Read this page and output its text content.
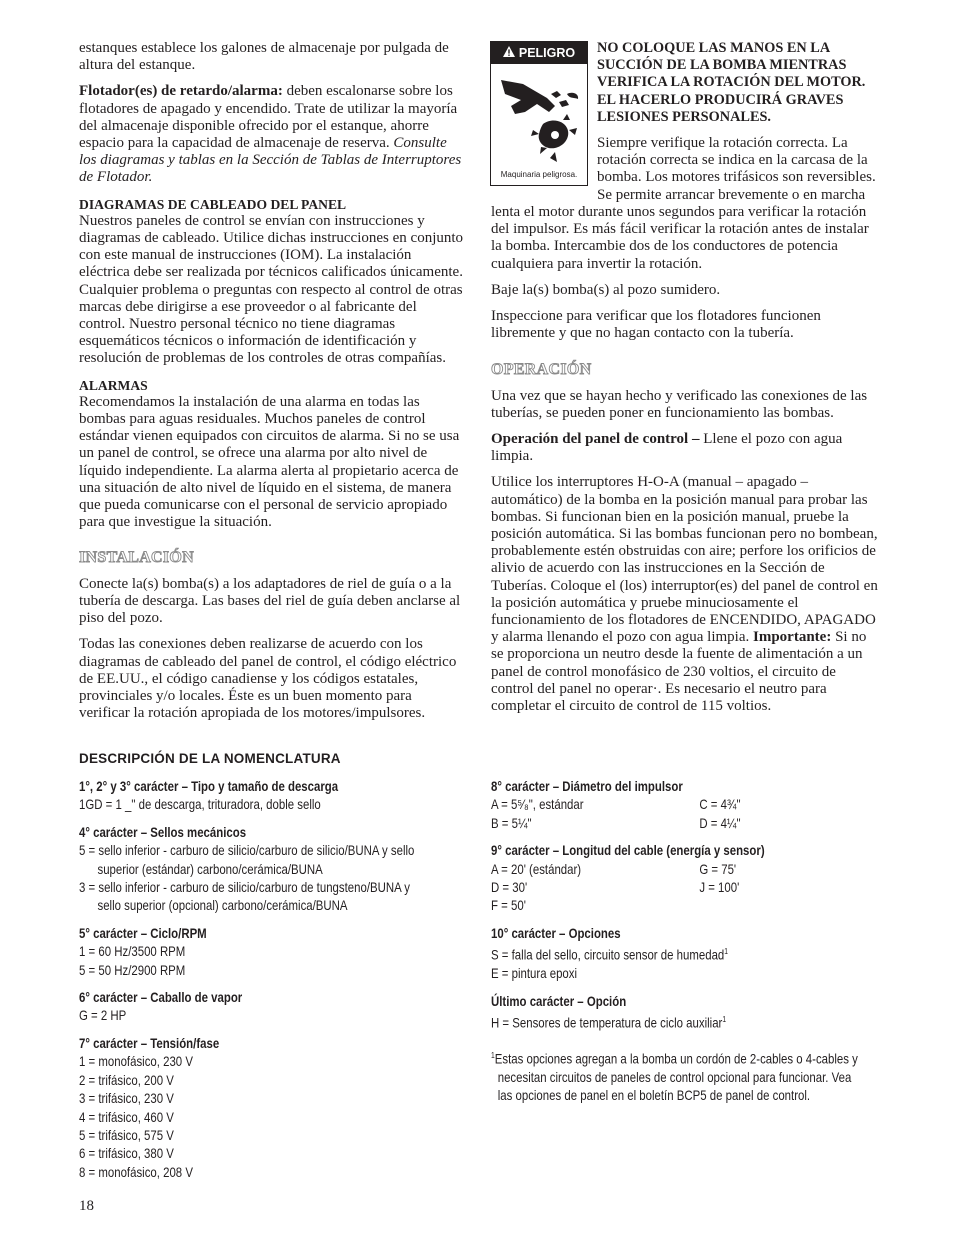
estanques establece los galones de almacenaje por pulgada de altura del estanque.

Flotador(es) de retardo/alarma: deben escalonarse sobre los flotadores de apagado y encendido. Trate de utilizar la mayoría del almacenaje disponible ofrecido por el estanque, ahorre espacio para la capacidad de almacenaje de reserva. Consulte los diagramas y tablas en la Sección de Tablas de Interruptores de Flotador.

DIAGRAMAS DE CABLEADO DEL PANEL

Nuestros paneles de control se envían con instrucciones y diagramas de cableado. Utilice dichas instrucciones en conjunto con este manual de instrucciones (IOM). La instalación eléctrica debe ser realizada por técnicos calificados únicamente. Cualquier problema o preguntas con respecto al control de otras marcas debe dirigirse a ese proveedor o al fabricante del control. Nuestro personal técnico no tiene diagramas esquemáticos técnicos o información de identificación y resolución de problemas de los controles de otras compañías.

ALARMAS

Recomendamos la instalación de una alarma en todas las bombas para aguas residuales. Muchos paneles de control estándar vienen equipados con circuitos de alarma. Si no se usa un panel de control, se ofrece una alarma por alto nivel de líquido independiente. La alarma alerta al propietario acerca de una situación de alto nivel de líquido en el sistema, de manera que pueda comunicarse con el personal de servicio apropiado para que investigue la situación.

INSTALACIÓN

Conecte la(s) bomba(s) a los adaptadores de riel de guía o a la tubería de descarga. Las bases del riel de guía deben anclarse al piso del pozo.

Todas las conexiones deben realizarse de acuerdo con los diagramas de cableado del panel de control, el código eléctrico de EE.UU., el código canadiense y los códigos estatales, provinciales y/o locales. Éste es un buen momento para verificar la rotación apropiada de los motores/impulsores.

PELIGRO
Maquinaria peligrosa.

NO COLOQUE LAS MANOS EN LA SUCCIÓN DE LA BOMBA MIENTRAS VERIFICA LA ROTACIÓN DEL MOTOR. EL HACERLO PRODUCIRÁ GRAVES LESIONES PERSONALES.

Siempre verifique la rotación correcta. La rotación correcta se indica en la carcasa de la bomba. Los motores trifásicos son reversibles. Se permite arrancar brevemente o en marcha

lenta el motor durante unos segundos para verificar la rotación del impulsor. Es más fácil verificar la rotación antes de instalar la bomba. Intercambie dos de los conductores de potencia cualquiera para invertir la rotación.

Baje la(s) bomba(s) al pozo sumidero.

Inspeccione para verificar que los flotadores funcionen libremente y que no hagan contacto con la tubería.

OPERACIÓN

Una vez que se hayan hecho y verificado las conexiones de las tuberías, se pueden poner en funcionamiento las bombas.

Operación del panel de control – Llene el pozo con agua limpia.

Utilice los interruptores H-O-A (manual – apagado – automático) de la bomba en la posición manual para probar las bombas. Si funcionan bien en la posición manual, pruebe la posición automática. Si las bombas funcionan pero no bombean, probablemente estén obstruidas con aire; perfore los orificios de alivio de acuerdo con las instrucciones en la Sección de Tuberías. Coloque el (los) interruptor(es) del panel de control en la posición automática y pruebe minuciosamente el funcionamiento de los flotadores de ENCENDIDO, APAGADO y alarma llenando el pozo con agua limpia. Importante: Si no se proporciona un neutro desde la fuente de alimentación a un panel de control monofásico de 230 voltios, el circuito de control del panel no operar·. Es necesario el neutro para completar el circuito de control de 115 voltios.

DESCRIPCIÓN DE LA NOMENCLATURA
1°, 2° y 3° carácter – Tipo y tamaño de descarga
1GD = 1 _" de descarga, trituradora, doble sello
4° carácter – Sellos mecánicos
5 = sello inferior - carburo de silicio/carburo de silicio/BUNA y sello
superior (estándar) carbono/cerámica/BUNA
3 = sello inferior - carburo de silicio/carburo de tungsteno/BUNA y
sello superior (opcional) carbono/cerámica/BUNA
5° carácter – Ciclo/RPM
1 = 60 Hz/3500 RPM
5 = 50 Hz/2900 RPM
6° carácter – Caballo de vapor
G = 2 HP
7° carácter – Tensión/fase
1 = monofásico, 230 V
2 = trifásico, 200 V
3 = trifásico, 230 V
4 = trifásico, 460 V
5 = trifásico, 575 V
6 = trifásico, 380 V
8 = monofásico, 208 V
8° carácter – Diámetro del impulsor
A = 5⁵⁄₈", estándar	C = 4¾"
B = 5¼"	D = 4¼"
9° carácter – Longitud del cable (energía y sensor)
A = 20' (estándar)	G = 75'
D = 30'	J = 100'
F = 50'
10° carácter – Opciones
S = falla del sello, circuito sensor de humedad$^1$
E = pintura epoxi
Último carácter – Opción
H = Sensores de temperatura de ciclo auxiliar$^1$
$^1$Estas opciones agregan a la bomba un cordón de 2-cables o 4-cables y
necesitan circuitos de paneles de control opcional para funcionar. Vea
las opciones de panel en el boletín BCP5 de panel de control.
18
